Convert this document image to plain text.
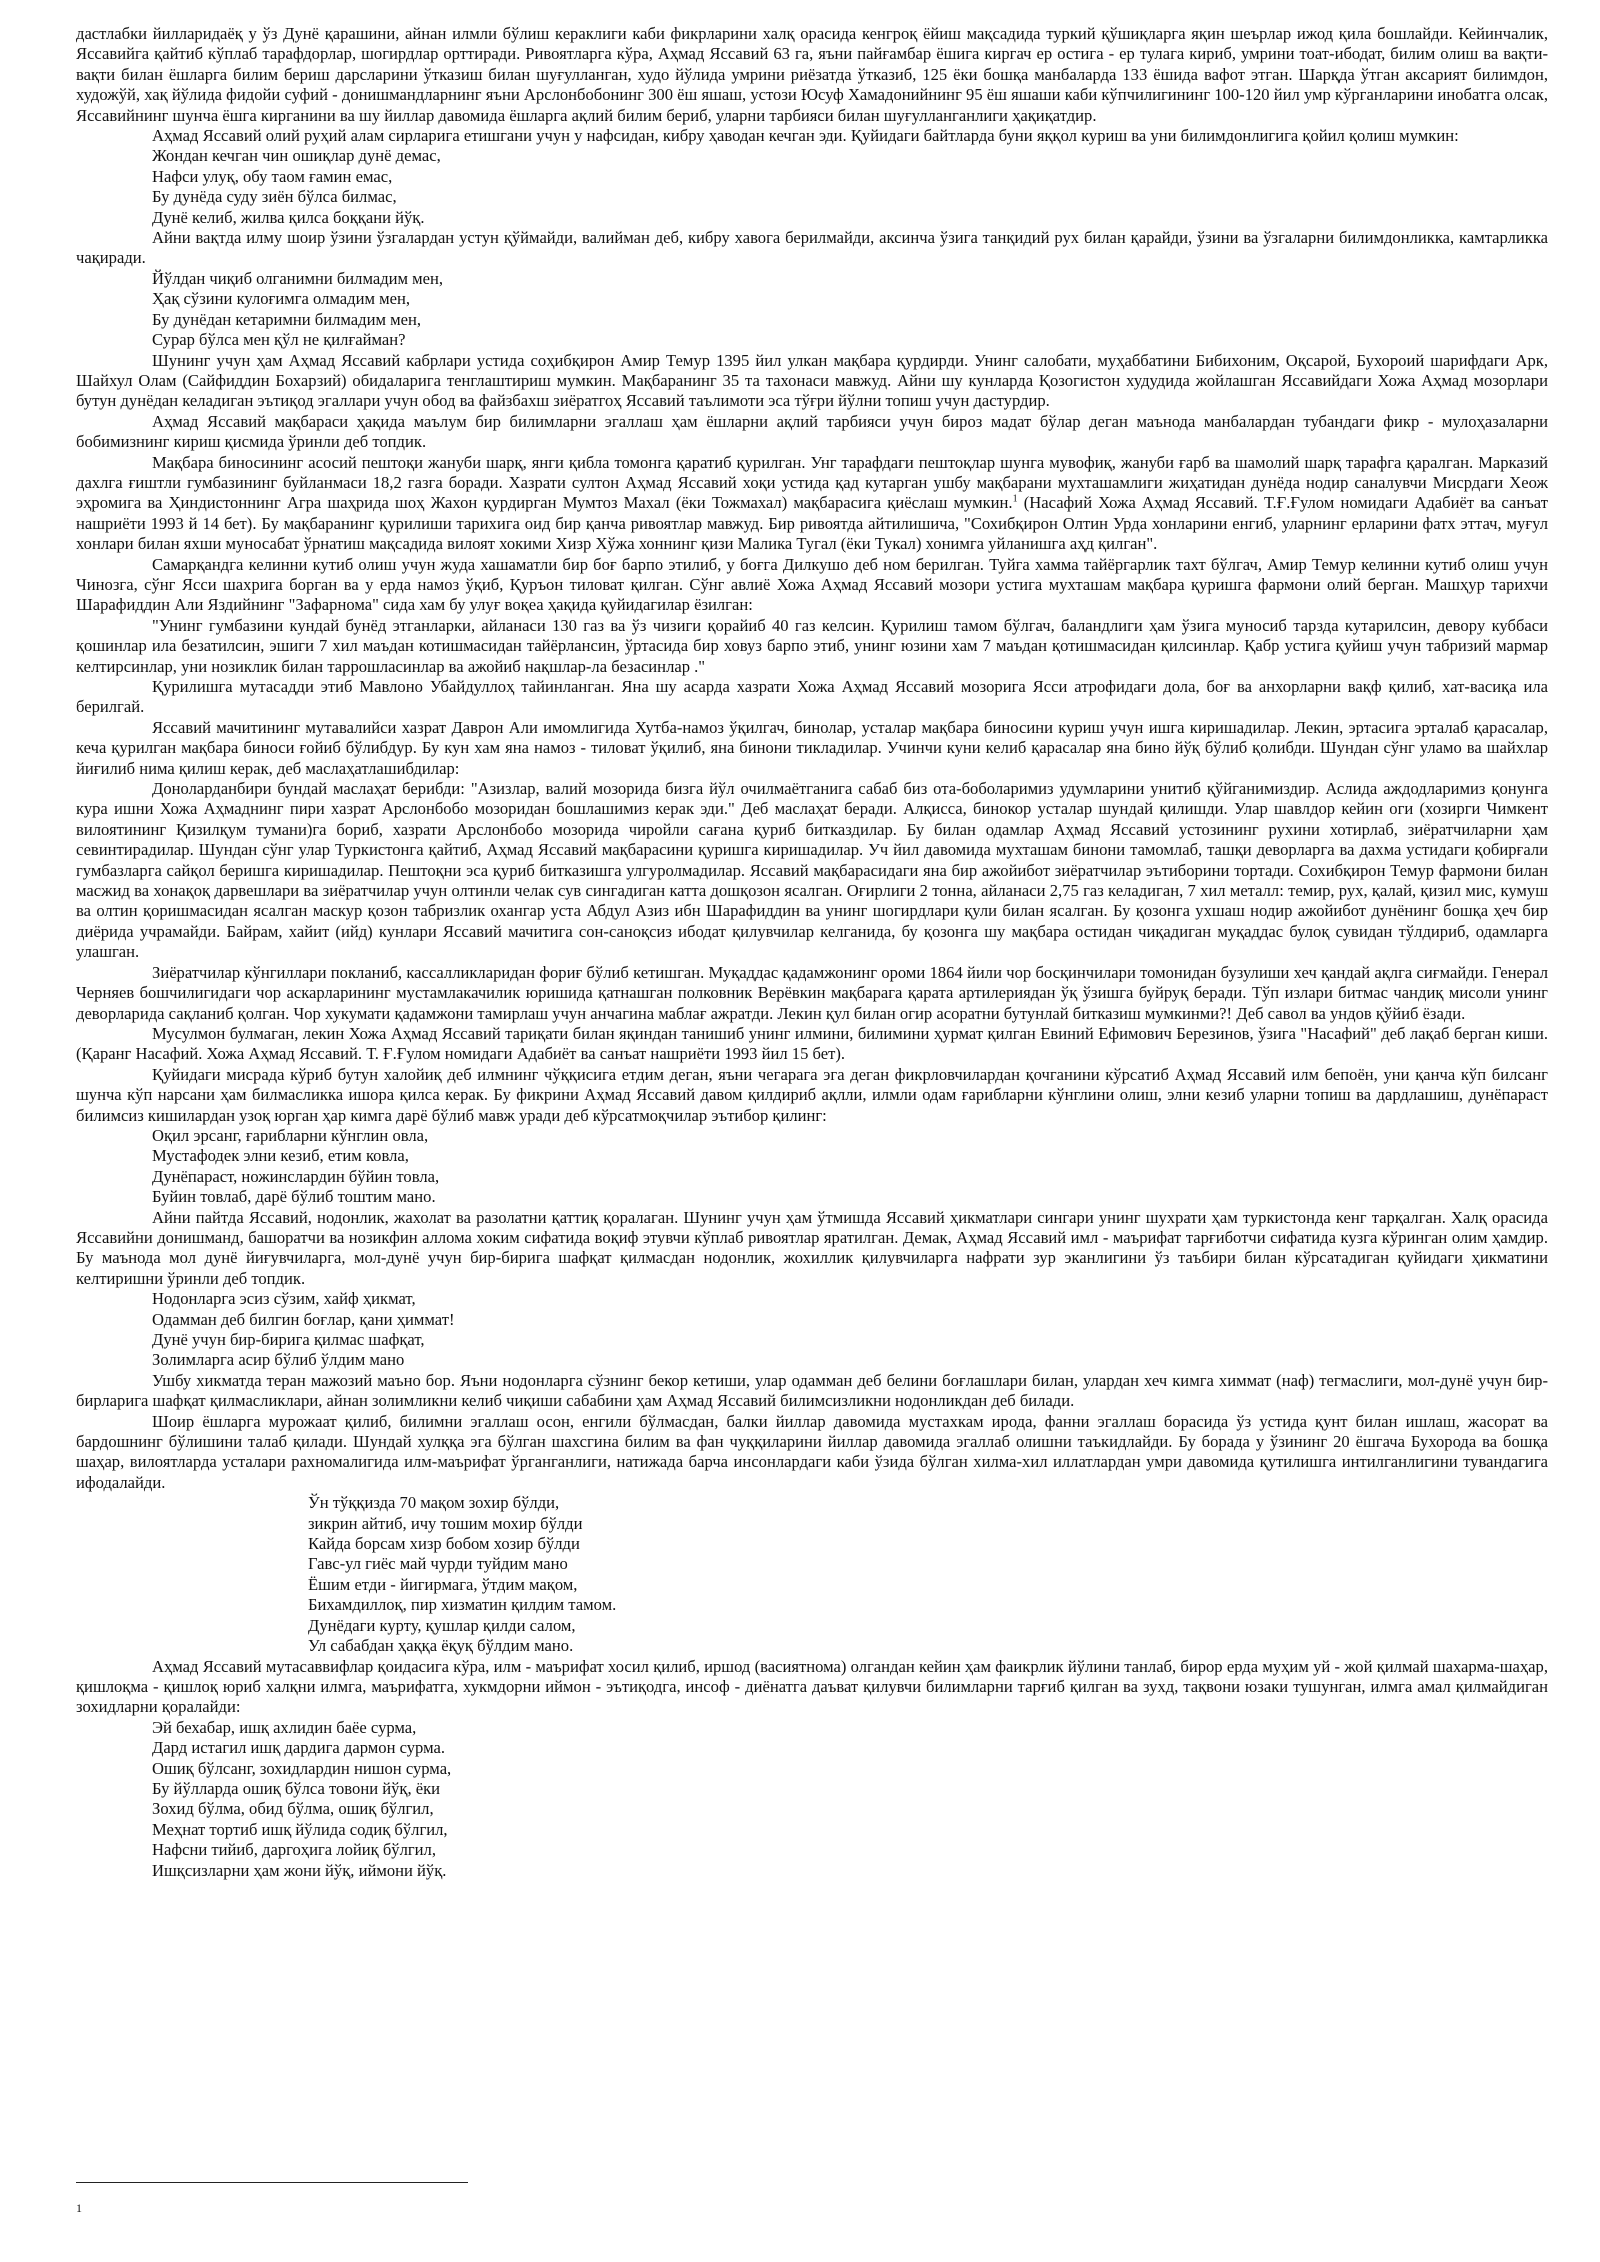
дастлабки йилларидаёқ у ўз Дунё қарашини, айнан илмли бўлиш кераклиги каби фикрларини халқ орасида кенгроқ ёйиш мақсадида туркий қўшиқларга яқин шеърлар ижод қила бошлайди. Кейинчалик, Яссавийга қайтиб кўплаб тарафдорлар, шогирдлар орттиради. Ривоятларга кўра, Аҳмад Яссавий 63 га, яъни пайғамбар ёшига киргач ер остига - ер тулага кириб, умрини тоат-ибодат, билим олиш ва вақти-вақти билан ёшларга билим бериш дарсларини ўтказиш билан шуғулланган, худо йўлида умрини риёзатда ўтказиб, 125 ёки бошқа манбаларда 133 ёшида вафот этган. Шарқда ўтган аксарият билимдон, художўй, хақ йўлида фидойи суфий - донишмандларнинг яъни Арслонбобонинг 300 ёш яшаш, устози Юсуф Хамадонийнинг 95 ёш яшаши каби кўпчилигининг 100-120 йил умр кўрганларини инобатга олсак, Яссавийнинг шунча ёшга кирганини ва шу йиллар давомида ёшларга ақлий билим бериб, уларни тарбияси билан шуғулланганлиги ҳақиқатдир.

Аҳмад Яссавий олий руҳий алам сирларига етишгани учун у нафсидан, кибру ҳаводан кечган эди. Қуйидаги байтларда буни яққол куриш ва уни билимдонлигига қойил қолиш мумкин:

Жондан кечган чин ошиқлар дунё демас,
Нафси улуқ, обу таом ғамин емас,
Бу дунёда суду зиён бўлса билмас,
Дунё келиб, жилва қилса боққани йўқ.

Айни вақтда илму шоир ўзини ўзгалардан устун қўймайди, валийман деб, кибру хавога берилмайди, аксинча ўзига танқидий рух билан қарайди, ўзини ва ўзгаларни билимдонликка, камтарликка чақиради.

Йўлдан чиқиб олганимни билмадим мен,
Ҳақ сўзини кулоғимга олмадим мен,
Бу дунёдан кетаримни билмадим мен,
Сурар бўлса мен қўл не қилғайман?

Шунинг учун ҳам Аҳмад Яссавий кабрлари устида соҳибқирон Амир Темур 1395 йил улкан мақбара қурдирди. Унинг салобати, муҳаббатини Бибихоним, Оқсарой, Бухороий шарифдаги Арк, Шайхул Олам (Сайфиддин Бохарзий) обидаларига тенглаштириш мумкин. Мақбаранинг 35 та тахонаси мавжуд. Айни шу кунларда Қозогистон худудида жойлашган Яссавийдаги Хожа Аҳмад мозорлари бутун дунёдан келадиган эътиқод эгаллари учун обод ва файзбахш зиёратгоҳ Яссавий таълимоти эса тўғри йўлни топиш учун дастурдир.

Аҳмад Яссавий мақбараси ҳақида маълум бир билимларни эгаллаш ҳам ёшларни ақлий тарбияси учун бироз мадат бўлар деган маънода манбалардан тубандаги фикр - мулоҳазаларни бобимизнинг кириш қисмида ўринли деб топдик.

Мақбара биносининг асосий пештоқи жануби шарқ, янги қибла томонга қаратиб қурилган. Унг тарафдаги пештоқлар шунга мувофиқ, жануби ғарб ва шамолий шарқ тарафга қаралган. Марказий дахлга ғиштли гумбазининг буйланмаси 18,2 газга боради. Хазрати султон Аҳмад Яссавий хоқи устида қад кутарган ушбу мақбарани мухташамлиги жиҳатидан дунёда нодир саналувчи Мисрдаги Хеож эҳромига ва Ҳиндистоннинг Агра шаҳрида шоҳ Жахон қурдирган Мумтоз Махал (ёки Тожмахал) мақбарасига қиёслаш мумкин.$^1$ (Насафий Хожа Аҳмад Яссавий. Т.Ғ.Ғулом номидаги Адабиёт ва санъат нашриёти 1993 й 14 бет). Бу мақбаранинг қурилиши тарихига оид бир қанча ривоятлар мавжуд. Бир ривоятда айтилишича, "Сохибқирон Олтин Урда хонларини енгиб, уларнинг ерларини фатх эттач, муғул хонлари билан яхши муносабат ўрнатиш мақсадида вилоят хокими Хизр Хўжа хоннинг қизи Малика Тугал (ёки Тукал) хонимга уйланишга аҳд қилган".

Самарқандга келинни кутиб олиш учун жуда хашаматли бир боғ барпо этилиб, у боғга Дилкушо деб ном берилган. Туйга хамма тайёргарлик тахт бўлгач, Амир Темур келинни кутиб олиш учун Чинозга, сўнг Ясси шахрига борган ва у ерда намоз ўқиб, Қуръон тиловат қилган. Сўнг авлиё Хожа Аҳмад Яссавий мозори устига мухташам мақбара қуришга фармони олий берган. Машҳур тарихчи Шарафиддин Али Яздийнинг "Зафарнома" сида хам бу улуғ воқеа ҳақида қуйидагилар ёзилган:

"Унинг гумбазини кундай бунёд этганларки, айланаси 130 газ ва ўз чизиги қорайиб 40 газ келсин. Қурилиш тамом бўлгач, баландлиги ҳам ўзига муносиб тарзда кутарилсин, деворy куббаси қошинлар ила безатилсин, эшиги 7 хил маъдан котишмасидан тайёрлансин, ўртасида бир ховуз барпо этиб, унинг юзини хам 7 маъдан қотишмасидан қилсинлар. Қабр устига қуйиш учун табризий мармар келтирсинлар, уни нозиклик билан таррошласинлар ва ажойиб нақшлар-ла безасинлар ."

Қурилишга мутасадди этиб Мавлоно Убайдуллоҳ тайинланган. Яна шу асарда хазрати Хожа Аҳмад Яссавий мозорига Ясси атрофидаги дола, боғ ва анхорларни вақф қилиб, хат-васиқа ила берилгай.

Яссавий мачитининг мутавалийси хазрат Даврон Али имомлигида Хутба-намоз ўқилгач, бинолар, усталар мақбара биносини куриш учун ишга киришадилар. Лекин, эртасига эрталаб қарасалар, кеча қурилган мақбара биноси ғойиб бўлибдур. Бу кун хам яна намоз - тиловат ўқилиб, яна бинони тикладилар. Учинчи куни келиб қарасалар яна бино йўқ бўлиб қолибди. Шундан сўнг уламо ва шайхлар йиғилиб нима қилиш керак, деб маслаҳатлашибдилар:

Доноларданбири бундай маслаҳат берибди: "Азизлар, валий мозорида бизга йўл очилмаётганига сабаб биз ота-боболаримиз удумларини унитиб қўйганимиздир. Аслида аждодларимиз қонунга кура ишни Хожа Аҳмаднинг пири хазрат Арслонбобо мозоридан бошлашимиз керак эди." Деб маслаҳат беради. Алқисса, бинокор усталар шундай қилишди. Улар шавлдор кейин оги (хозирги Чимкент вилоятининг Қизилқум тумани)га бориб, хазрати Арслонбобо мозорида чиройли сағана қуриб битказдилар. Бу билан одамлар Аҳмад Яссавий устозининг рухини хотирлаб, зиёратчиларни ҳам севинтирадилар. Шундан сўнг улар Туркистонга қайтиб, Аҳмад Яссавий мақбарасини қуришга киришадилар. Уч йил давомида мухташам бинони тамомлаб, ташқи деворларга ва дахма устидаги қобирғали гумбазларга сайқол беришга киришадилар. Пештоқни эса қуриб битказишга улгуролмадилар. Яссавий мақбарасидаги яна бир ажойибот зиёратчилар эътиборини тортади. Сохибқирон Темур фармони билан масжид ва хонақоқ дарвешлари ва зиёратчилар учун олтинли челак сув сингадиган катта дошқозон ясалган. Оғирлиги 2 тонна, айланаси 2,75 газ келадиган, 7 хил металл: темир, рух, қалай, қизил мис, кумуш ва олтин қоришмасидан ясалган маскур қозон табризлик охангар уста Абдул Азиз ибн Шарафиддин ва унинг шогирдлари қули билан ясалган. Бу қозонга ухшаш нодир ажойибот дунёнинг бошқа ҳеч бир диёрида учрамайди. Байрам, хайит (ийд) кунлари Яссавий мачитига сон-саноқсиз ибодат қилувчилар келганида, бу қозонга шу мақбара остидан чиқадиган муқаддас булоқ сувидан тўлдириб, одамларга улашган.

Зиёратчилар кўнгиллари покланиб, кассалликларидан фориғ бўлиб кетишган. Муқаддас қадамжонинг ороми 1864 йили чор босқинчилари томонидан бузулиши хеч қандай ақлга сиғмайди. Генерал Черняев бошчилигидаги чор аскарларининг мустамлакачилик юришида қатнашган полковник Верёвкин мақбарага қарата артилериядан ўқ ўзишга буйруқ беради. Тўп излари битмас чандиқ мисоли унинг деворларида сақланиб қолган. Чор хукумати қадамжони тамирлаш учун анчагина маблағ ажратди. Лекин қул билан огир асоратни бутунлай битказиш мумкинми?! Деб савол ва ундов қўйиб ёзади.

Мусулмон булмаган, лекин Хожа Аҳмад Яссавий тариқати билан яқиндан танишиб унинг илмини, билимини ҳурмат қилган Евиний Ефимович Березинов, ўзига "Насафий" деб лақаб берган киши. (Қаранг Насафий. Хожа Аҳмад Яссавий. Т. Ғ.Ғулом номидаги Адабиёт ва санъат нашриёти 1993 йил 15 бет).

Қуйидаги мисрада кўриб бутун халойиқ деб илмнинг чўққисига етдим деган, яъни чегарага эга деган фикрловчилардан қочганини кўрсатиб Аҳмад Яссавий илм бепоён, уни қанча кўп билсанг шунча кўп нарсани ҳам билмасликка ишора қилса керак. Бу фикрини Аҳмад Яссавий давом қилдириб ақлли, илмли одам ғарибларни кўнглини олиш, элни кезиб уларни топиш ва дардлашиш, дунёпараст билимсиз кишилардан узоқ юрган ҳар кимга дарё бўлиб мавж уради деб кўрсатмоқчилар эътибор қилинг:

Оқил эрсанг, ғарибларни кўнглин овла,
Мустафодек элни кезиб, етим ковла,
Дунёпараст, ножинслардин бўйин товла,
Буйин товлаб, дарё бўлиб тоштим мано.

Айни пайтда Яссавий, нодонлик, жахолат ва разолатни қаттиқ қоралаган. Шунинг учун ҳам ўтмишда Яссавий ҳикматлари сингари унинг шухрати ҳам туркистонда кенг тарқалган. Халқ орасида Яссавийни донишманд, башоратчи ва нозикфин аллома хоким сифатида воқиф этувчи кўплаб ривоятлар яратилган. Демак, Аҳмад Яссавий имл - маърифат тарғиботчи сифатида кузга кўринган олим ҳамдир. Бу маънода мол дунё йиғувчиларга, мол-дунё учун бир-бирига шафқат қилмасдан нодонлик, жохиллик қилувчиларга нафрати зур эканлигини ўз таъбири билан кўрсатадиган қуйидаги ҳикматини келтиришни ўринли деб топдик.

Нодонларга эсиз сўзим, хайф ҳикмат,
Одамман деб билгин боғлар, қани ҳиммат!
Дунё учун бир-бирига қилмас шафқат,
Золимларга асир бўлиб ўлдим мано

Ушбу хикматда теран мажозий маъно бор. Яъни нодонларга сўзнинг бекор кетиши, улар одамман деб белини боғлашлари билан, улардан хеч кимга химмат (наф) тегмаслиги, мол-дунё учун бир-бирларига шафқат қилмасликлари, айнан золимликни келиб чиқиши сабабини ҳам Аҳмад Яссавий билимсизликни нодонликдан деб билади.

Шоир ёшларга мурожаат қилиб, билимни эгаллаш осон, енгили бўлмасдан, балки йиллар давомида мустахкам ирода, фанни эгаллаш борасида ўз устида қунт билан ишлаш, жасорат ва бардошнинг бўлишини талаб қилади. Шундай хулққа эга бўлган шахсгина билим ва фан чуққиларини йиллар давомида эгаллаб олишни таъкидлайди. Бу борада у ўзининг 20 ёшгача Бухорода ва бошқа шаҳар, вилоятларда усталари рахномалигида илм-маърифат ўрганганлиги, натижада барча инсонлардаги каби ўзида бўлган хилма-хил иллатлардан умри давомида қутилишга интилганлигини тувандагига ифодалайди.

Ўн тўққизда 70 мақом зохир бўлди,
зикрин айтиб, ичу тошим мохир бўлди
Кайда борсам хизр бобом хозир бўлди
Гавс-ул гиёс май чурди туйдим мано
Ёшим етди - йигирмага, ўтдим мақом,
Бихамдиллоқ, пир хизматин қилдим тамом.
Дунёдаги курту, қушлар қилди салом,
Ул сабабдан ҳаққа ёқуқ бўлдим мано.

Аҳмад Яссавий мутасаввифлар қоидасига кўра, илм - маърифат хосил қилиб, иршод (васиятнома) олгандан кейин ҳам фаикрлик йўлини танлаб, бирор ерда муҳим уй - жой қилмай шахарма-шаҳар, қишлоқма - қишлоқ юриб халқни илмга, маърифатга, хукмдорни иймон - эътиқодга, инсоф - диёнатга даъват қилувчи билимларни тарғиб қилган ва зухд, тақвони юзаки тушунган, илмга амал қилмайдиган зохидларни қоралайди:

Эй бехабар, ишқ ахлидин баёе сурма,
Дард истагил ишқ дардига дармон сурма.
Ошиқ бўлсанг, зохидлардин нишон сурма,
Бу йўлларда ошиқ бўлса товони йўқ, ёки
Зохид бўлма, обид бўлма, ошиқ бўлгил,
Меҳнат тортиб ишқ йўлида содиқ бўлгил,
Нафсни тийиб, даргоҳига лойиқ бўлгил,
Ишқсизларни ҳам жони йўқ, иймони йўқ.
1
